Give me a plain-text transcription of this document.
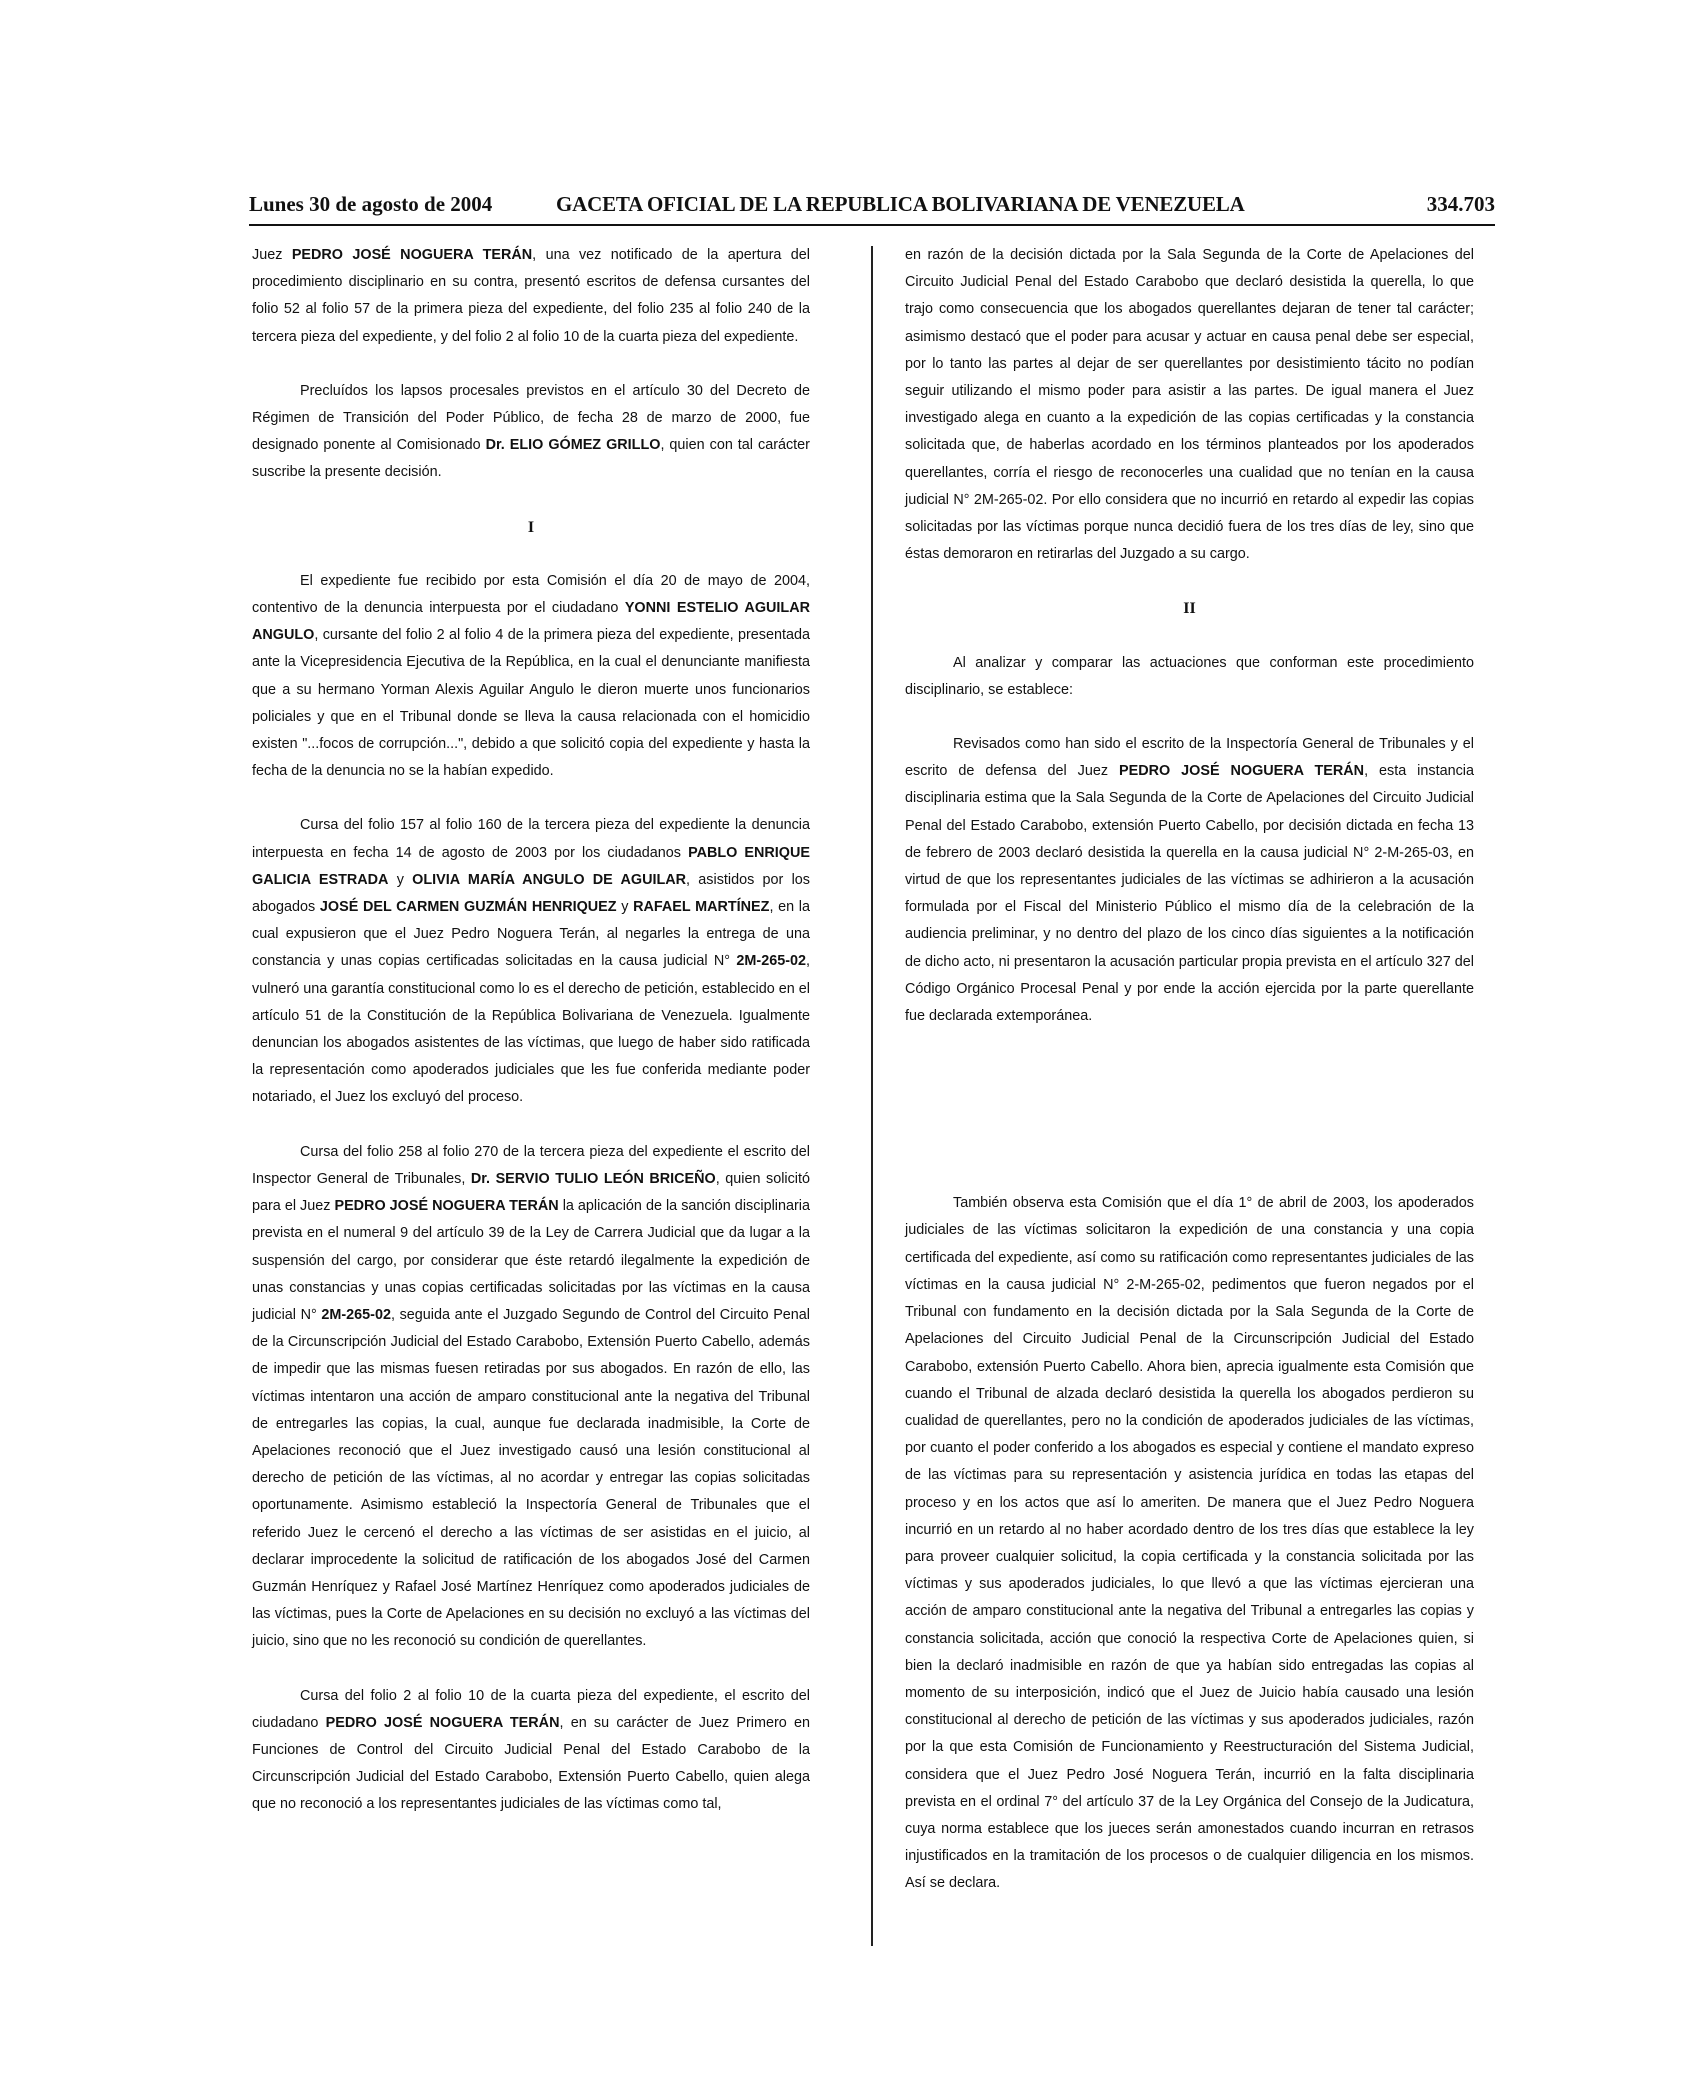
Lunes 30 de agosto de 2004	GACETA OFICIAL DE LA REPUBLICA BOLIVARIANA DE VENEZUELA	334.703

Juez PEDRO JOSÉ NOGUERA TERÁN, una vez notificado de la apertura del procedimiento disciplinario en su contra, presentó escritos de defensa cursantes del folio 52 al folio 57 de la primera pieza del expediente, del folio 235 al folio 240 de la tercera pieza del expediente, y del folio 2 al folio 10 de la cuarta pieza del expediente.

Precluídos los lapsos procesales previstos en el artículo 30 del Decreto de Régimen de Transición del Poder Público, de fecha 28 de marzo de 2000, fue designado ponente al Comisionado Dr. ELIO GÓMEZ GRILLO, quien con tal carácter suscribe la presente decisión.

I

El expediente fue recibido por esta Comisión el día 20 de mayo de 2004, contentivo de la denuncia interpuesta por el ciudadano YONNI ESTELIO AGUILAR ANGULO, cursante del folio 2 al folio 4 de la primera pieza del expediente, presentada ante la Vicepresidencia Ejecutiva de la República, en la cual el denunciante manifiesta que a su hermano Yorman Alexis Aguilar Angulo le dieron muerte unos funcionarios policiales y que en el Tribunal donde se lleva la causa relacionada con el homicidio existen "...focos de corrupción...", debido a que solicitó copia del expediente y hasta la fecha de la denuncia no se la habían expedido.

Cursa del folio 157 al folio 160 de la tercera pieza del expediente la denuncia interpuesta en fecha 14 de agosto de 2003 por los ciudadanos PABLO ENRIQUE GALICIA ESTRADA y OLIVIA MARÍA ANGULO DE AGUILAR, asistidos por los abogados JOSÉ DEL CARMEN GUZMÁN HENRIQUEZ y RAFAEL MARTÍNEZ, en la cual expusieron que el Juez Pedro Noguera Terán, al negarles la entrega de una constancia y unas copias certificadas solicitadas en la causa judicial N° 2M-265-02, vulneró una garantía constitucional como lo es el derecho de petición, establecido en el artículo 51 de la Constitución de la República Bolivariana de Venezuela. Igualmente denuncian los abogados asistentes de las víctimas, que luego de haber sido ratificada la representación como apoderados judiciales que les fue conferida mediante poder notariado, el Juez los excluyó del proceso.

Cursa del folio 258 al folio 270 de la tercera pieza del expediente el escrito del Inspector General de Tribunales, Dr. SERVIO TULIO LEÓN BRICEÑO, quien solicitó para el Juez PEDRO JOSÉ NOGUERA TERÁN la aplicación de la sanción disciplinaria prevista en el numeral 9 del artículo 39 de la Ley de Carrera Judicial que da lugar a la suspensión del cargo, por considerar que éste retardó ilegalmente la expedición de unas constancias y unas copias certificadas solicitadas por las víctimas en la causa judicial N° 2M-265-02, seguida ante el Juzgado Segundo de Control del Circuito Penal de la Circunscripción Judicial del Estado Carabobo, Extensión Puerto Cabello, además de impedir que las mismas fuesen retiradas por sus abogados. En razón de ello, las víctimas intentaron una acción de amparo constitucional ante la negativa del Tribunal de entregarles las copias, la cual, aunque fue declarada inadmisible, la Corte de Apelaciones reconoció que el Juez investigado causó una lesión constitucional al derecho de petición de las víctimas, al no acordar y entregar las copias solicitadas oportunamente. Asimismo estableció la Inspectoría General de Tribunales que el referido Juez le cercenó el derecho a las víctimas de ser asistidas en el juicio, al declarar improcedente la solicitud de ratificación de los abogados José del Carmen Guzmán Henríquez y Rafael José Martínez Henríquez como apoderados judiciales de las víctimas, pues la Corte de Apelaciones en su decisión no excluyó a las víctimas del juicio, sino que no les reconoció su condición de querellantes.

Cursa del folio 2 al folio 10 de la cuarta pieza del expediente, el escrito del ciudadano PEDRO JOSÉ NOGUERA TERÁN, en su carácter de Juez Primero en Funciones de Control del Circuito Judicial Penal del Estado Carabobo de la Circunscripción Judicial del Estado Carabobo, Extensión Puerto Cabello, quien alega que no reconoció a los representantes judiciales de las víctimas como tal,

en razón de la decisión dictada por la Sala Segunda de la Corte de Apelaciones del Circuito Judicial Penal del Estado Carabobo que declaró desistida la querella, lo que trajo como consecuencia que los abogados querellantes dejaran de tener tal carácter; asimismo destacó que el poder para acusar y actuar en causa penal debe ser especial, por lo tanto las partes al dejar de ser querellantes por desistimiento tácito no podían seguir utilizando el mismo poder para asistir a las partes. De igual manera el Juez investigado alega en cuanto a la expedición de las copias certificadas y la constancia solicitada que, de haberlas acordado en los términos planteados por los apoderados querellantes, corría el riesgo de reconocerles una cualidad que no tenían en la causa judicial N° 2M-265-02. Por ello considera que no incurrió en retardo al expedir las copias solicitadas por las víctimas porque nunca decidió fuera de los tres días de ley, sino que éstas demoraron en retirarlas del Juzgado a su cargo.

II

Al analizar y comparar las actuaciones que conforman este procedimiento disciplinario, se establece:

Revisados como han sido el escrito de la Inspectoría General de Tribunales y el escrito de defensa del Juez PEDRO JOSÉ NOGUERA TERÁN, esta instancia disciplinaria estima que la Sala Segunda de la Corte de Apelaciones del Circuito Judicial Penal del Estado Carabobo, extensión Puerto Cabello, por decisión dictada en fecha 13 de febrero de 2003 declaró desistida la querella en la causa judicial N° 2-M-265-03, en virtud de que los representantes judiciales de las víctimas se adhirieron a la acusación formulada por el Fiscal del Ministerio Público el mismo día de la celebración de la audiencia preliminar, y no dentro del plazo de los cinco días siguientes a la notificación de dicho acto, ni presentaron la acusación particular propia prevista en el artículo 327 del Código Orgánico Procesal Penal y por ende la acción ejercida por la parte querellante fue declarada extemporánea.

También observa esta Comisión que el día 1° de abril de 2003, los apoderados judiciales de las víctimas solicitaron la expedición de una constancia y una copia certificada del expediente, así como su ratificación como representantes judiciales de las víctimas en la causa judicial N° 2-M-265-02, pedimentos que fueron negados por el Tribunal con fundamento en la decisión dictada por la Sala Segunda de la Corte de Apelaciones del Circuito Judicial Penal de la Circunscripción Judicial del Estado Carabobo, extensión Puerto Cabello. Ahora bien, aprecia igualmente esta Comisión que cuando el Tribunal de alzada declaró desistida la querella los abogados perdieron su cualidad de querellantes, pero no la condición de apoderados judiciales de las víctimas, por cuanto el poder conferido a los abogados es especial y contiene el mandato expreso de las víctimas para su representación y asistencia jurídica en todas las etapas del proceso y en los actos que así lo ameriten. De manera que el Juez Pedro Noguera incurrió en un retardo al no haber acordado dentro de los tres días que establece la ley para proveer cualquier solicitud, la copia certificada y la constancia solicitada por las víctimas y sus apoderados judiciales, lo que llevó a que las víctimas ejercieran una acción de amparo constitucional ante la negativa del Tribunal a entregarles las copias y constancia solicitada, acción que conoció la respectiva Corte de Apelaciones quien, si bien la declaró inadmisible en razón de que ya habían sido entregadas las copias al momento de su interposición, indicó que el Juez de Juicio había causado una lesión constitucional al derecho de petición de las víctimas y sus apoderados judiciales, razón por la que esta Comisión de Funcionamiento y Reestructuración del Sistema Judicial, considera que el Juez Pedro José Noguera Terán, incurrió en la falta disciplinaria prevista en el ordinal 7° del artículo 37 de la Ley Orgánica del Consejo de la Judicatura, cuya norma establece que los jueces serán amonestados cuando incurran en retrasos injustificados en la tramitación de los procesos o de cualquier diligencia en los mismos. Así se declara.
